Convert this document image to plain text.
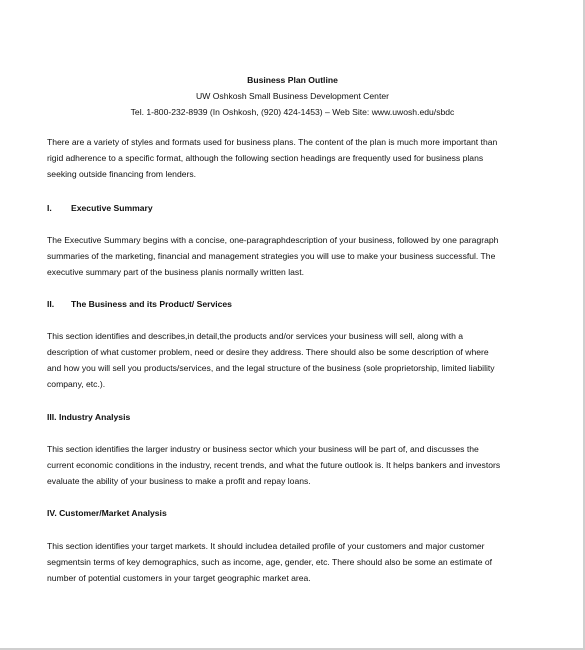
Business Plan Outline
UW Oshkosh Small Business Development Center
Tel. 1-800-232-8939 (In Oshkosh, (920) 424-1453) – Web Site: www.uwosh.edu/sbdc
There are a variety of styles and formats used for business plans. The content of the plan is much more important than
rigid adherence to a specific format, although the following section headings are frequently used for business plans
seeking outside financing from lenders.
I. Executive Summary
The Executive Summary begins with a concise, one-paragraphdescription of your business, followed by one paragraph
summaries of the marketing, financial and management strategies you will use to make your business successful. The
executive summary part of the business planis normally written last.
II. The Business and its Product/ Services
This section identifies and describes,in detail,the products and/or services your business will sell, along with a
description of what customer problem, need or desire they address. There should also be some description of where
and how you will sell you products/services, and the legal structure of the business (sole proprietorship, limited liability
company, etc.).
III. Industry Analysis
This section identifies the larger industry or business sector which your business will be part of, and discusses the
current economic conditions in the industry, recent trends, and what the future outlook is. It helps bankers and investors
evaluate the ability of your business to make a profit and repay loans.
IV. Customer/Market Analysis
This section identifies your target markets. It should includea detailed profile of your customers and major customer
segmentsin terms of key demographics, such as income, age, gender, etc. There should also be some an estimate of
number of potential customers in your target geographic market area.
